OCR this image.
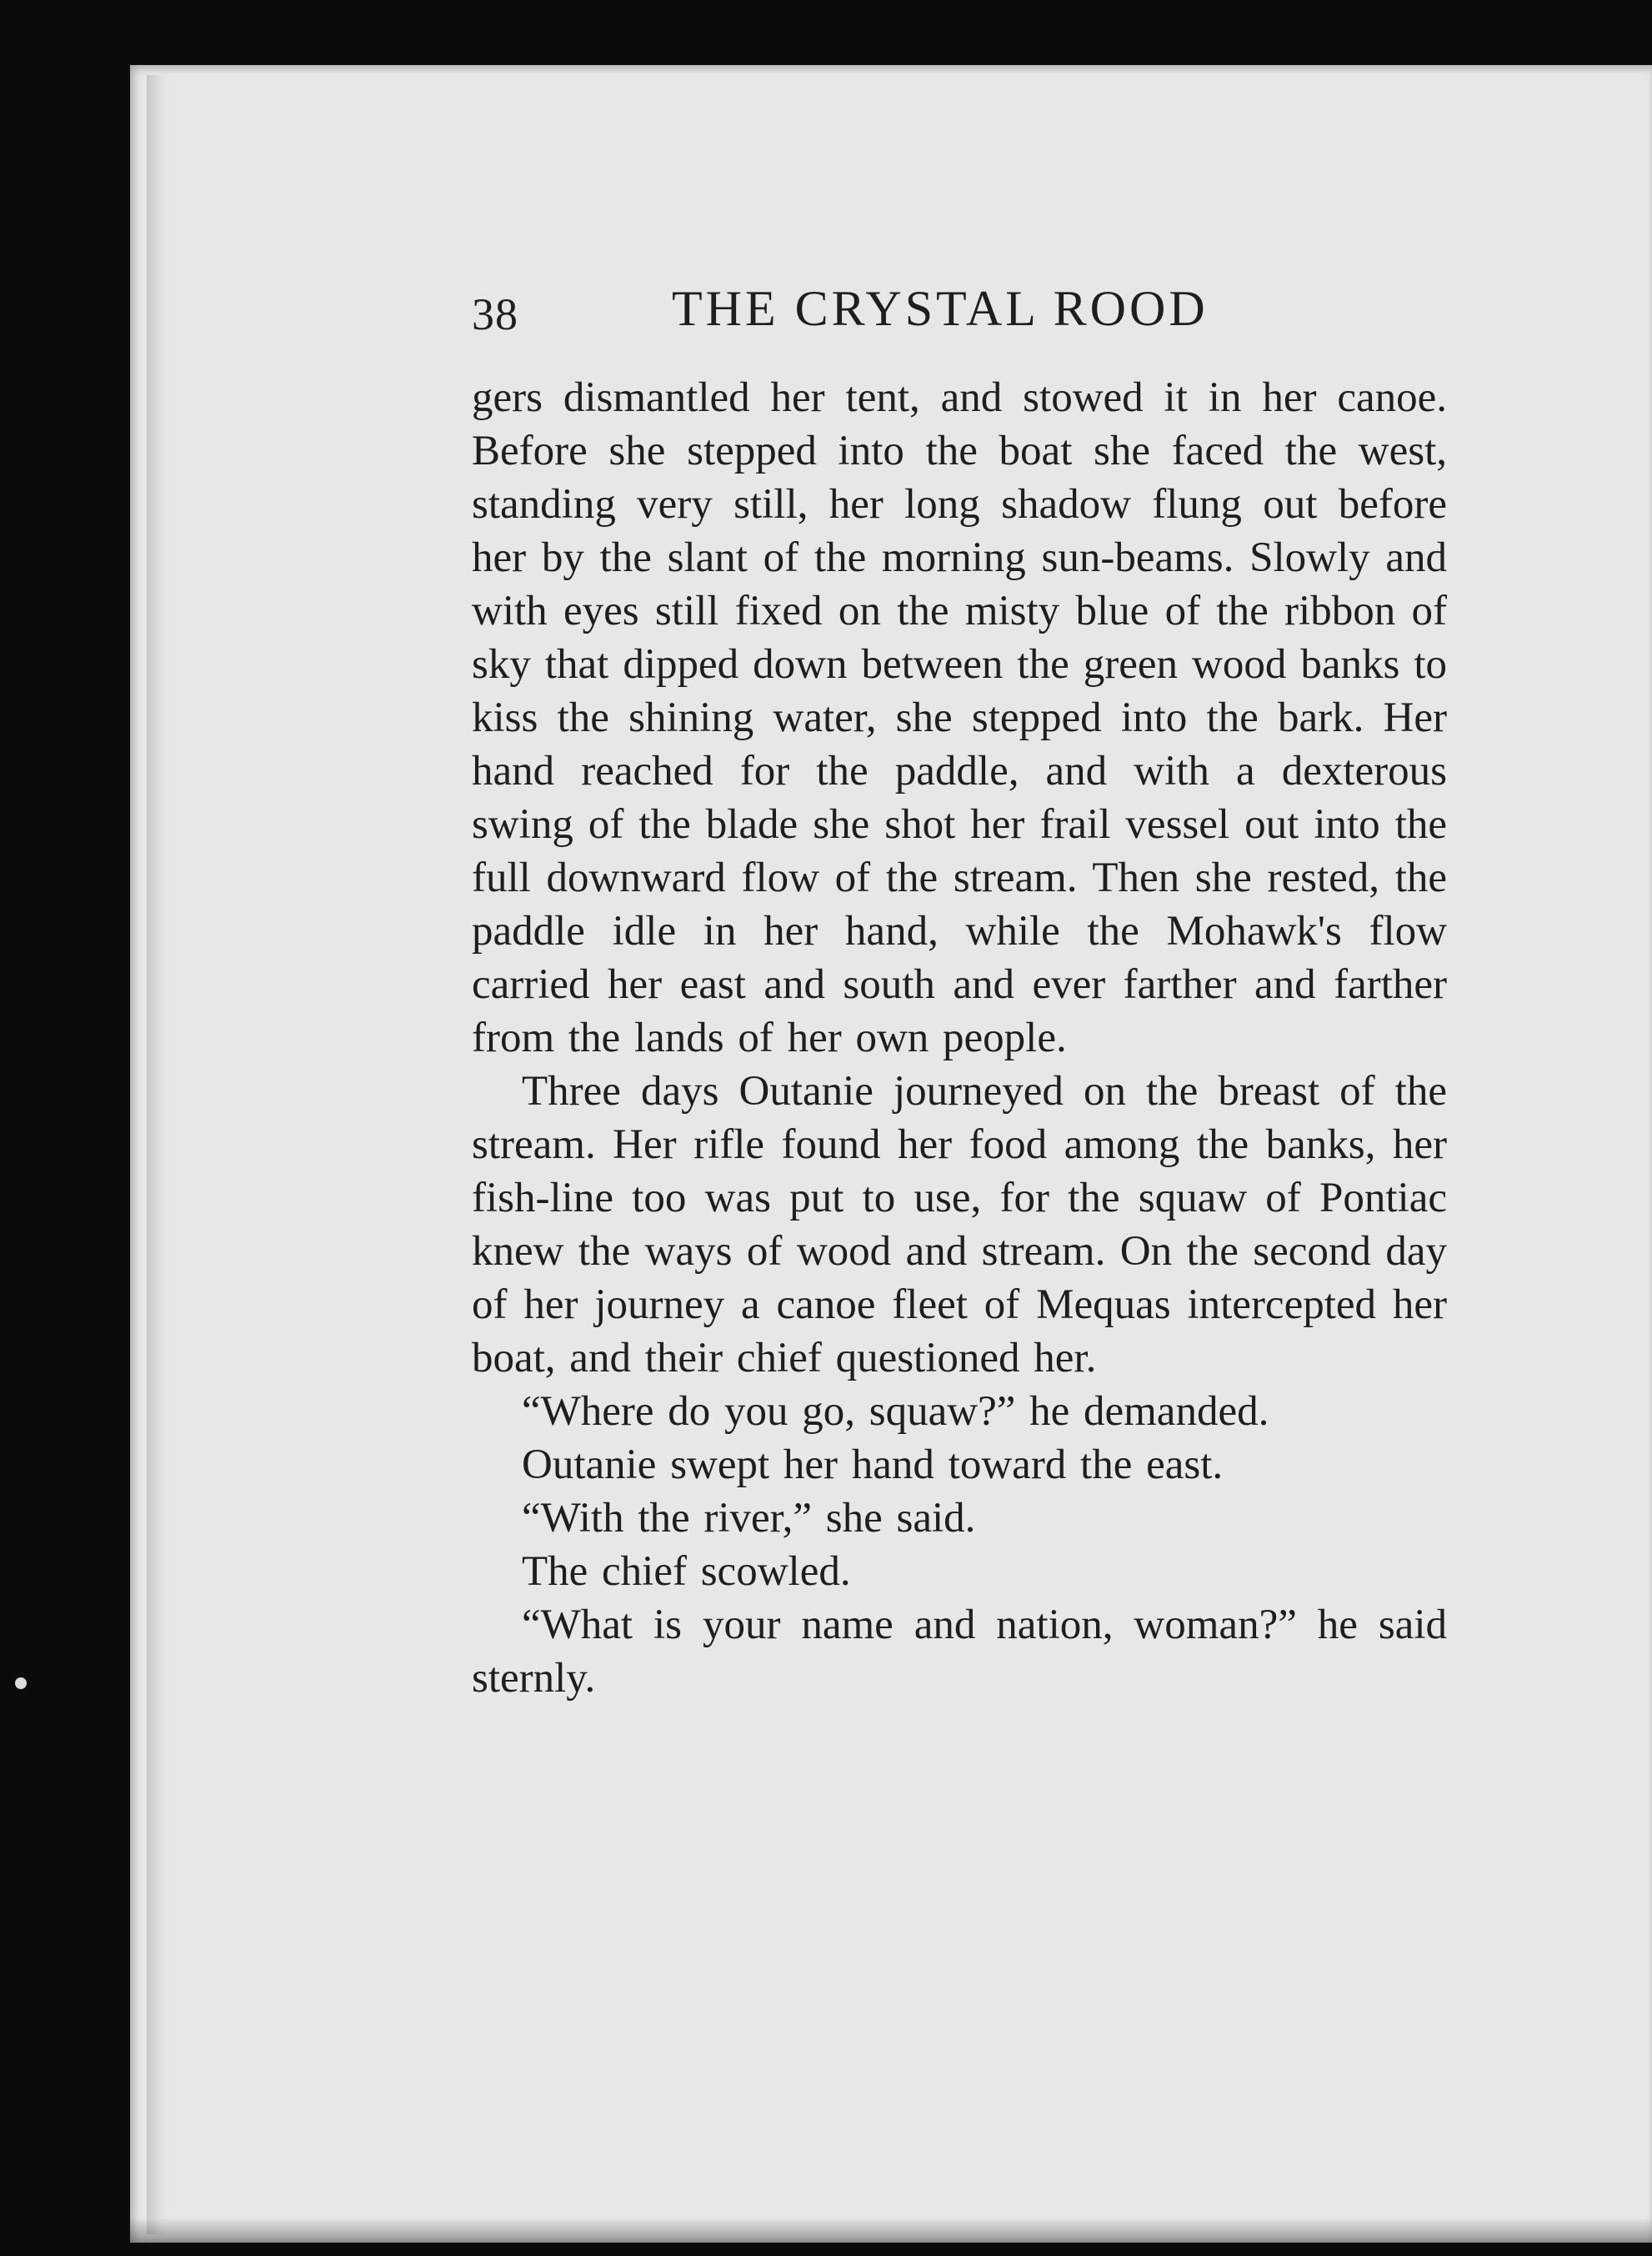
38	THE CRYSTAL ROOD

gers dismantled her tent, and stowed it in her canoe. Before she stepped into the boat she faced the west, standing very still, her long shadow flung out before her by the slant of the morning sun-beams. Slowly and with eyes still fixed on the misty blue of the ribbon of sky that dipped down between the green wood banks to kiss the shining water, she stepped into the bark. Her hand reached for the paddle, and with a dexterous swing of the blade she shot her frail vessel out into the full downward flow of the stream. Then she rested, the paddle idle in her hand, while the Mohawk's flow carried her east and south and ever farther and farther from the lands of her own people.

Three days Outanie journeyed on the breast of the stream. Her rifle found her food among the banks, her fish-line too was put to use, for the squaw of Pontiac knew the ways of wood and stream. On the second day of her journey a canoe fleet of Mequas intercepted her boat, and their chief questioned her.

“Where do you go, squaw?” he demanded.

Outanie swept her hand toward the east.

“With the river,” she said.

The chief scowled.

“What is your name and nation, woman?” he said sternly.
